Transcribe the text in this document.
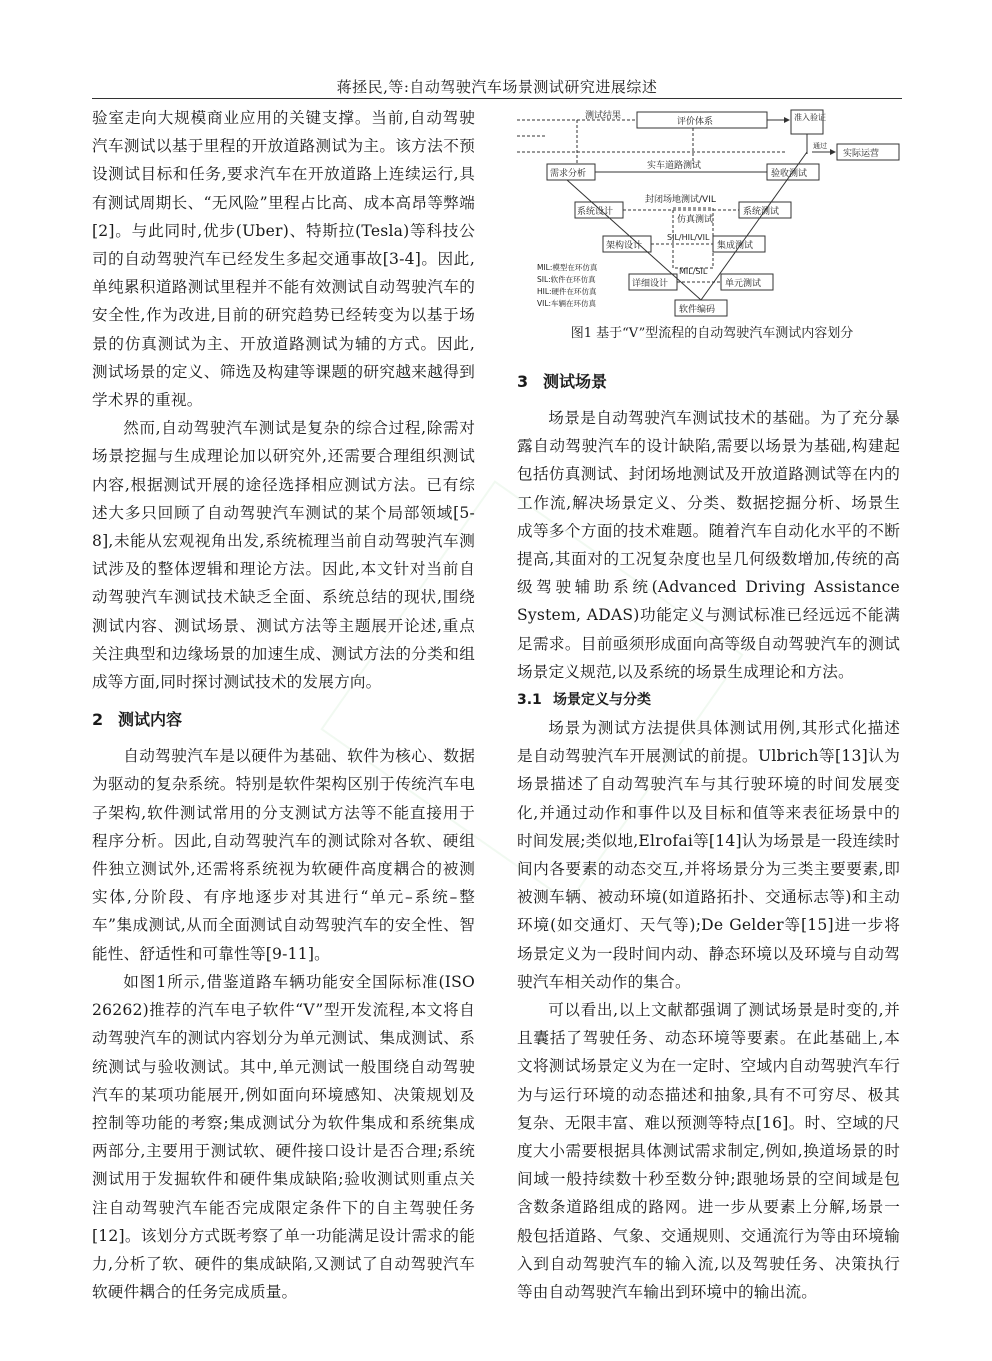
蒋拯民,等:自动驾驶汽车场景测试研究进展综述

验室走向大规模商业应用的关键支撑。当前,自动驾驶汽车测试以基于里程的开放道路测试为主。该方法不预设测试目标和任务,要求汽车在开放道路上连续运行,具有测试周期长、“无风险”里程占比高、成本高昂等弊端[2]。与此同时,优步(Uber)、特斯拉(Tesla)等科技公司的自动驾驶汽车已经发生多起交通事故[3-4]。因此,单纯累积道路测试里程并不能有效测试自动驾驶汽车的安全性,作为改进,目前的研究趋势已经转变为以基于场景的仿真测试为主、开放道路测试为辅的方式。因此,测试场景的定义、筛选及构建等课题的研究越来越得到学术界的重视。

然而,自动驾驶汽车测试是复杂的综合过程,除需对场景挖掘与生成理论加以研究外,还需要合理组织测试内容,根据测试开展的途径选择相应测试方法。已有综述大多只回顾了自动驾驶汽车测试的某个局部领域[5-8],未能从宏观视角出发,系统梳理当前自动驾驶汽车测试涉及的整体逻辑和理论方法。因此,本文针对当前自动驾驶汽车测试技术缺乏全面、系统总结的现状,围绕测试内容、测试场景、测试方法等主题展开论述,重点关注典型和边缘场景的加速生成、测试方法的分类和组成等方面,同时探讨测试技术的发展方向。

2 测试内容

自动驾驶汽车是以硬件为基础、软件为核心、数据为驱动的复杂系统。特别是软件架构区别于传统汽车电子架构,软件测试常用的分支测试方法等不能直接用于程序分析。因此,自动驾驶汽车的测试除对各软、硬组件独立测试外,还需将系统视为软硬件高度耦合的被测实体,分阶段、有序地逐步对其进行“单元–系统–整车”集成测试,从而全面测试自动驾驶汽车的安全性、智能性、舒适性和可靠性等[9-11]。

如图1所示,借鉴道路车辆功能安全国际标准(ISO 26262)推荐的汽车电子软件“V”型开发流程,本文将自动驾驶汽车的测试内容划分为单元测试、集成测试、系统测试与验收测试。其中,单元测试一般围绕自动驾驶汽车的某项功能展开,例如面向环境感知、决策规划及控制等功能的考察;集成测试分为软件集成和系统集成两部分,主要用于测试软、硬件接口设计是否合理;系统测试用于发掘软件和硬件集成缺陷;验收测试则重点关注自动驾驶汽车能否完成限定条件下的自主驾驶任务[12]。该划分方式既考察了单一功能满足设计需求的能力,分析了软、硬件的集成缺陷,又测试了自动驾驶汽车软硬件耦合的任务完成质量。

测试结果
评价体系	准入验证
通过
实际运营
实车道路测试
需求分析	验收测试
系统设计
封闭场地测试/VIL
仿真测试
系统测试
架构设计
SIL/HIL/VIL
集成测试
MIL/SIL
详细设计	单元测试
软件编码
MIL:模型在环仿真
SIL:软件在环仿真
HIL:硬件在环仿真
VIL:车辆在环仿真
图1 基于“V”型流程的自动驾驶汽车测试内容划分
3 测试场景

场景是自动驾驶汽车测试技术的基础。为了充分暴露自动驾驶汽车的设计缺陷,需要以场景为基础,构建起包括仿真测试、封闭场地测试及开放道路测试等在内的工作流,解决场景定义、分类、数据挖掘分析、场景生成等多个方面的技术难题。随着汽车自动化水平的不断提高,其面对的工况复杂度也呈几何级数增加,传统的高级驾驶辅助系统(Advanced Driving Assistance System, ADAS)功能定义与测试标准已经远远不能满足需求。目前亟须形成面向高等级自动驾驶汽车的测试场景定义规范,以及系统的场景生成理论和方法。

3.1 场景定义与分类

场景为测试方法提供具体测试用例,其形式化描述是自动驾驶汽车开展测试的前提。Ulbrich等[13]认为场景描述了自动驾驶汽车与其行驶环境的时间发展变化,并通过动作和事件以及目标和值等来表征场景中的时间发展;类似地,Elrofai等[14]认为场景是一段连续时间内各要素的动态交互,并将场景分为三类主要要素,即被测车辆、被动环境(如道路拓扑、交通标志等)和主动环境(如交通灯、天气等);De Gelder等[15]进一步将场景定义为一段时间内动、静态环境以及环境与自动驾驶汽车相关动作的集合。

可以看出,以上文献都强调了测试场景是时变的,并且囊括了驾驶任务、动态环境等要素。在此基础上,本文将测试场景定义为在一定时、空域内自动驾驶汽车行为与运行环境的动态描述和抽象,具有不可穷尽、极其复杂、无限丰富、难以预测等特点[16]。时、空域的尺度大小需要根据具体测试需求制定,例如,换道场景的时间域一般持续数十秒至数分钟;跟驰场景的空间域是包含数条道路组成的路网。进一步从要素上分解,场景一般包括道路、气象、交通规则、交通流行为等由环境输入到自动驾驶汽车的输入流,以及驾驶任务、决策执行等由自动驾驶汽车输出到环境中的输出流。
